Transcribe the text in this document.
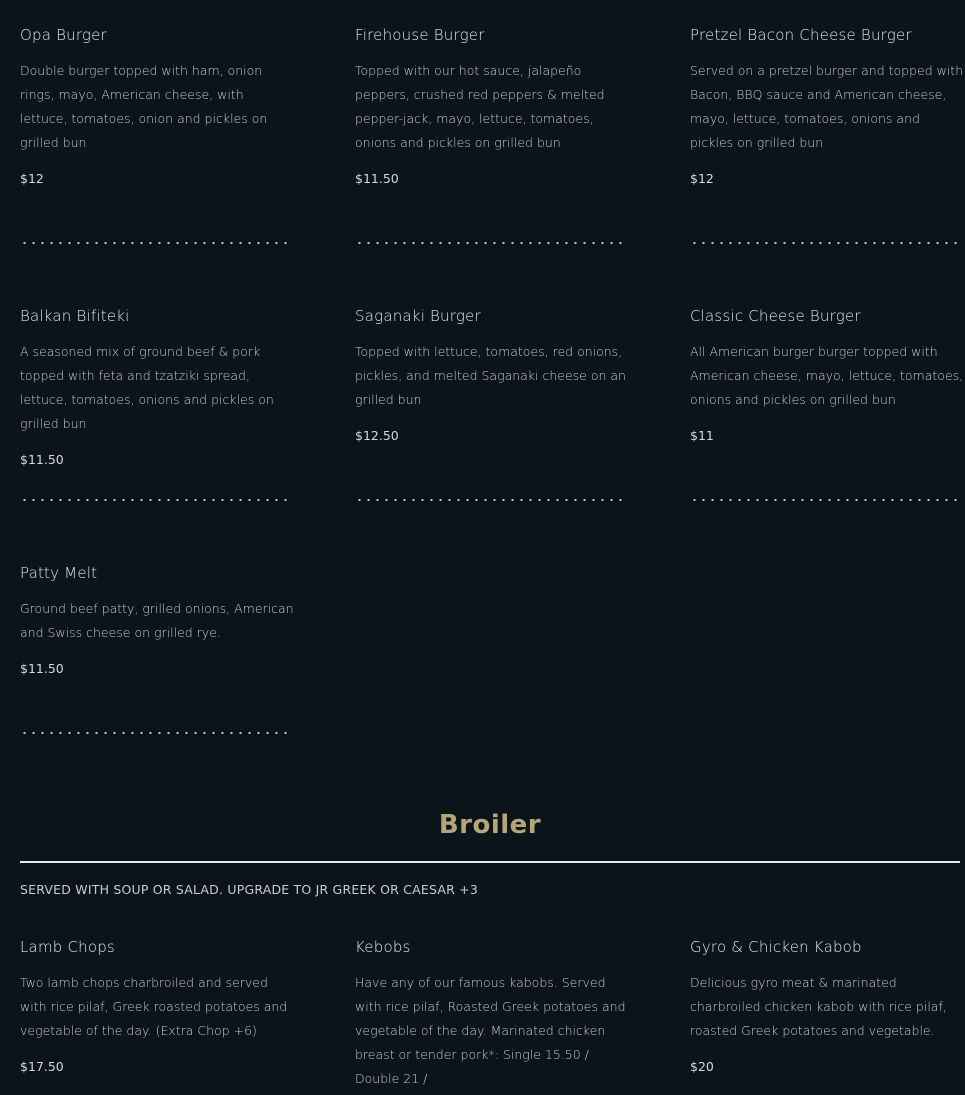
Opa Burger
Double burger topped with ham, onion rings, mayo, American cheese, with lettuce, tomatoes, onion and pickles on grilled bun
$12
Firehouse Burger
Topped with our hot sauce, jalapeño peppers, crushed red peppers & melted pepper-jack, mayo, lettuce, tomatoes, onions and pickles on grilled bun
$11.50
Pretzel Bacon Cheese Burger
Served on a pretzel burger and topped with Bacon, BBQ sauce and American cheese, mayo, lettuce, tomatoes, onions and pickles on grilled bun
$12
Balkan Bifiteki
A seasoned mix of ground beef & pork topped with feta and tzatziki spread, lettuce, tomatoes, onions and pickles on grilled bun
$11.50
Saganaki Burger
Topped with lettuce, tomatoes, red onions, pickles, and melted Saganaki cheese on an grilled bun
$12.50
Classic Cheese Burger
All American burger burger topped with American cheese, mayo, lettuce, tomatoes, onions and pickles on grilled bun
$11
Patty Melt
Ground beef patty, grilled onions, American and Swiss cheese on grilled rye.
$11.50
Broiler
SERVED WITH SOUP OR SALAD. UPGRADE TO JR GREEK OR CAESAR +3
Lamb Chops
Two lamb chops charbroiled and served with rice pilaf, Greek roasted potatoes and vegetable of the day. (Extra Chop +6)
$17.50
Kebobs
Have any of our famous kabobs. Served with rice pilaf, Roasted Greek potatoes and vegetable of the day. Marinated chicken breast or tender pork*: Single 15.50 / Double 21 /
Gyro & Chicken Kabob
Delicious gyro meat & marinated charbroiled chicken kabob with rice pilaf, roasted Greek potatoes and vegetable.
$20
